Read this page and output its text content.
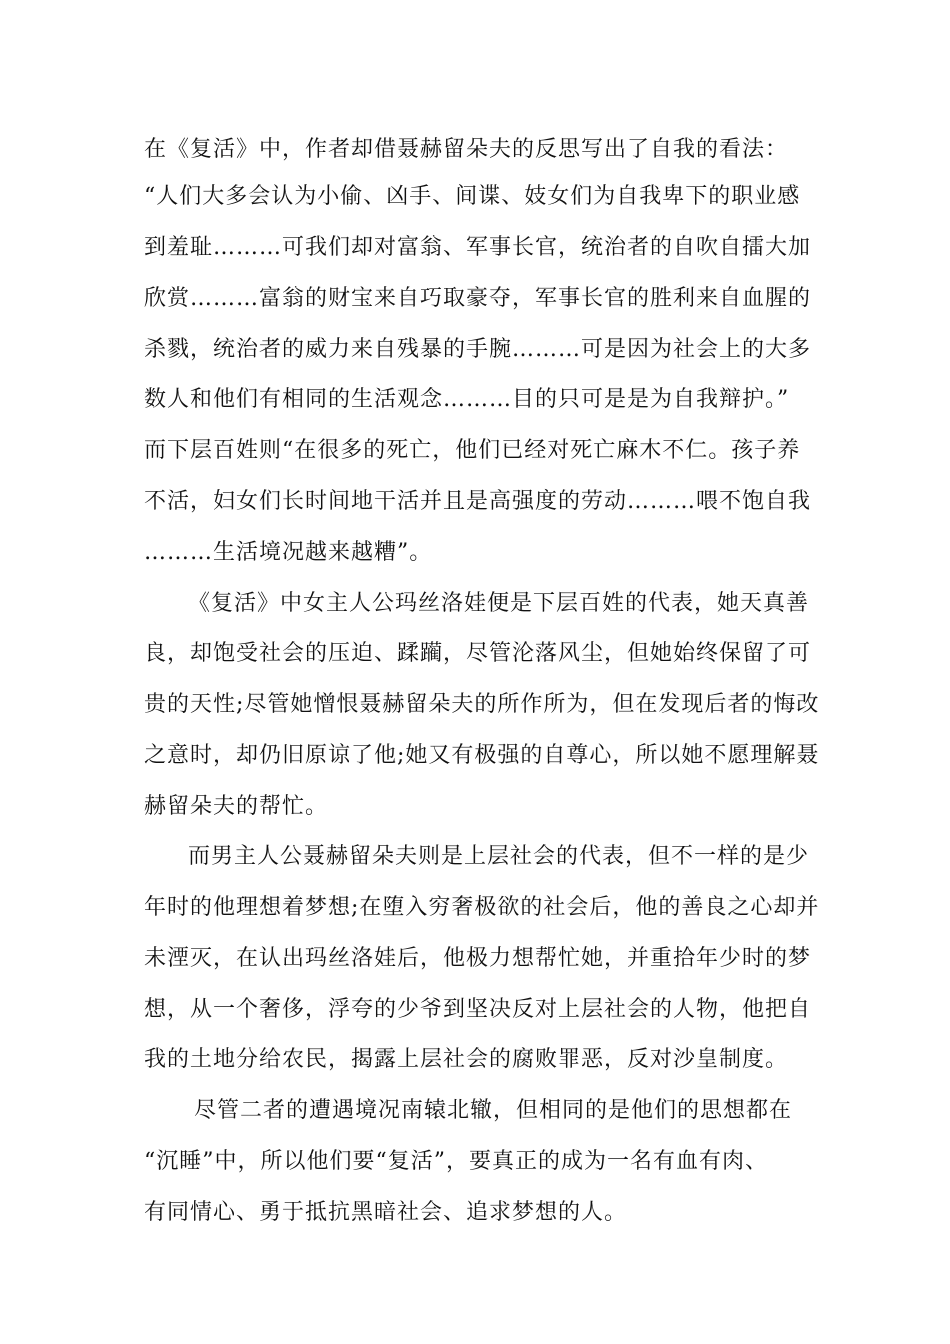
在《复活》中，作者却借聂赫留朵夫的反思写出了自我的看法：
“人们大多会认为小偷、凶手、间谍、妓女们为自我卑下的职业感
到羞耻………可我们却对富翁、军事长官，统治者的自吹自擂大加
欣赏………富翁的财宝来自巧取豪夺，军事长官的胜利来自血腥的
杀戮，统治者的威力来自残暴的手腕………可是因为社会上的大多
数人和他们有相同的生活观念………目的只可是是为自我辩护。”
而下层百姓则“在很多的死亡，他们已经对死亡麻木不仁。孩子养
不活，妇女们长时间地干活并且是高强度的劳动………喂不饱自我
………生活境况越来越糟”。
《复活》中女主人公玛丝洛娃便是下层百姓的代表，她天真善
良，却饱受社会的压迫、蹂躏，尽管沦落风尘，但她始终保留了可
贵的天性;尽管她憎恨聂赫留朵夫的所作所为，但在发现后者的悔改
之意时，却仍旧原谅了他;她又有极强的自尊心，所以她不愿理解聂
赫留朵夫的帮忙。
而男主人公聂赫留朵夫则是上层社会的代表，但不一样的是少
年时的他理想着梦想;在堕入穷奢极欲的社会后，他的善良之心却并
未湮灭，在认出玛丝洛娃后，他极力想帮忙她，并重拾年少时的梦
想，从一个奢侈，浮夸的少爷到坚决反对上层社会的人物，他把自
我的土地分给农民，揭露上层社会的腐败罪恶，反对沙皇制度。
尽管二者的遭遇境况南辕北辙，但相同的是他们的思想都在
“沉睡”中，所以他们要“复活”，要真正的成为一名有血有肉、
有同情心、勇于抵抗黑暗社会、追求梦想的人。
